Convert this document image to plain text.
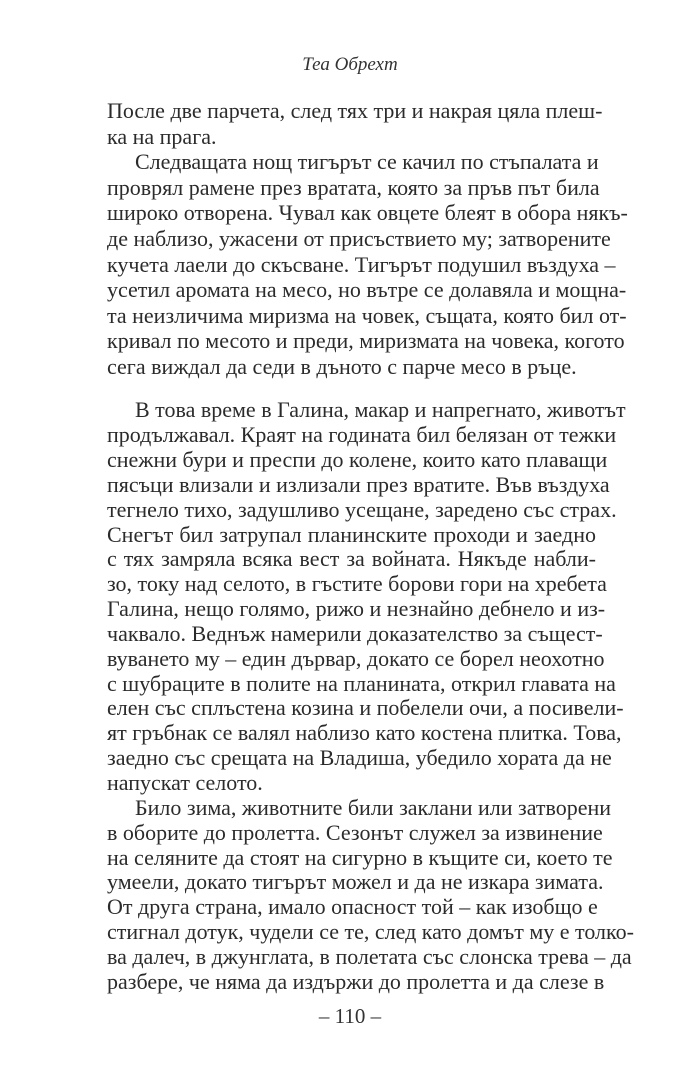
Теа Обрехт
После две парчета, след тях три и накрая цяла плеш-
ка на прага.
Следващата нощ тигърът се качил по стъпалата и
проврял рамене през вратата, която за пръв път била
широко отворена. Чувал как овцете блеят в обора някъ-
де наблизо, ужасени от присъствието му; затворените
кучета лаели до скъсване. Тигърът подушил въздуха –
усетил аромата на месо, но вътре се долавяла и мощна-
та неизличима миризма на човек, същата, която бил от-
кривал по месото и преди, миризмата на човека, когото
сега виждал да седи в дъното с парче месо в ръце.
В това време в Галина, макар и напрегнато, животът
продължавал. Краят на годината бил белязан от тежки
снежни бури и преспи до колене, които като плаващи
пясъци влизали и излизали през вратите. Във въздуха
тегнело тихо, задушливо усещане, заредено със страх.
Снегът бил затрупал планинските проходи и заедно
с тях замряла всяка вест за войната. Някъде набли-
зо, току над селото, в гъстите борови гори на хребета
Галина, нещо голямо, рижо и незнайно дебнело и из-
чаквало. Веднъж намерили доказателство за същест-
вуването му – един дървар, докато се борел неохотно
с шубраците в полите на планината, открил главата на
елен със сплъстена козина и побелели очи, а посивели-
ят гръбнак се валял наблизо като костена плитка. Това,
заедно със срещата на Владиша, убедило хората да не
напускат селото.
Било зима, животните били заклани или затворени
в оборите до пролетта. Сезонът служел за извинение
на селяните да стоят на сигурно в къщите си, което те
умеели, докато тигърът можел и да не изкара зимата.
От друга страна, имало опасност той – как изобщо е
стигнал дотук, чудели се те, след като домът му е толко-
ва далеч, в джунглата, в полетата със слонска трева – да
разбере, че няма да издържи до пролетта и да слезе в
– 110 –
